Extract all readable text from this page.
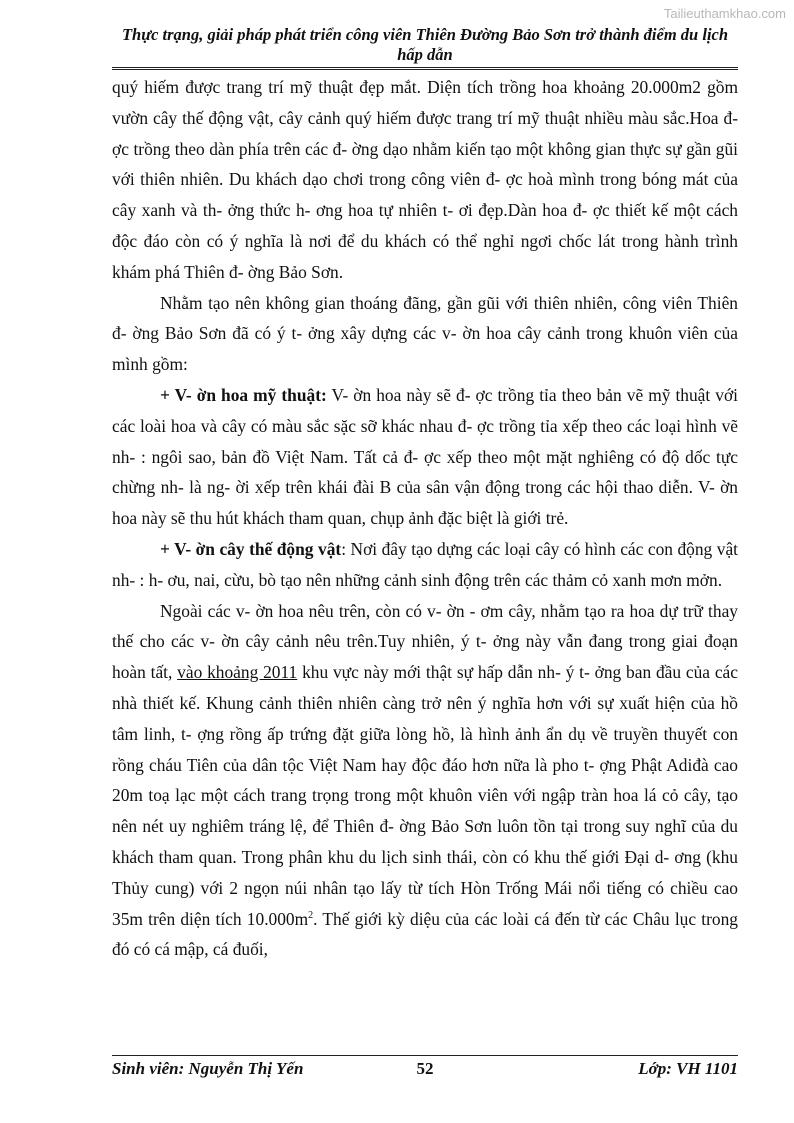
Tailieuthamkhao.com
Thực trạng, giải pháp phát triển công viên Thiên Đường Bảo Sơn trở thành điểm du lịch hấp dẫn

quý hiếm được trang trí mỹ thuật đẹp mắt. Diện tích trồng hoa khoảng 20.000m2 gồm vườn cây thế động vật, cây cảnh quý hiếm được trang trí mỹ thuật nhiều màu sắc.Hoa đ- ợc trồng theo dàn phía trên các đ- ờng dạo nhằm kiến tạo một không gian thực sự gần gũi với thiên nhiên. Du khách dạo chơi trong công viên đ- ợc hoà mình trong bóng mát của cây xanh và th- ởng thức h- ơng hoa tự nhiên t- ơi đẹp.Dàn hoa đ- ợc thiết kế một cách độc đáo còn có ý nghĩa là nơi để du khách có thể nghỉ ngơi chốc lát trong hành trình khám phá Thiên đ- ờng Bảo Sơn.

Nhằm tạo nên không gian thoáng đãng, gần gũi với thiên nhiên, công viên Thiên đ- ờng Bảo Sơn đã có ý t- ởng xây dựng các v- ờn hoa cây cảnh trong khuôn viên của mình gồm:

+ V- ờn hoa mỹ thuật: V- ờn hoa này sẽ đ- ợc trồng tỉa theo bản vẽ mỹ thuật với các loài hoa và cây có màu sắc sặc sỡ khác nhau đ- ợc trồng tỉa xếp theo các loại hình vẽ nh- : ngôi sao, bản đồ Việt Nam. Tất cả đ- ợc xếp theo một mặt nghiêng có độ dốc tực chừng nh- là ng- ời xếp trên khái đài B của sân vận động trong các hội thao diễn. V- ờn hoa này sẽ thu hút khách tham quan, chụp ảnh đặc biệt là giới trẻ.

+ V- ờn cây thế động vật: Nơi đây tạo dựng các loại cây có hình các con động vật nh- : h- ơu, nai, cừu, bò tạo nên những cảnh sinh động trên các thảm cỏ xanh mơn mởn.

Ngoài các v- ờn hoa nêu trên, còn có v- ờn - ơm cây, nhằm tạo ra hoa dự trữ thay thế cho các v- ờn cây cảnh nêu trên.Tuy nhiên, ý t- ởng này vẫn đang trong giai đoạn hoàn tất, vào khoảng 2011 khu vực này mới thật sự hấp dẫn nh- ý t- ởng ban đầu của các nhà thiết kế. Khung cảnh thiên nhiên càng trở nên ý nghĩa hơn với sự xuất hiện của hồ tâm linh, t- ợng rồng ấp trứng đặt giữa lòng hồ, là hình ảnh ẩn dụ về truyền thuyết con rồng cháu Tiên của dân tộc Việt Nam hay độc đáo hơn nữa là pho t- ợng Phật Adiđà cao 20m toạ lạc một cách trang trọng trong một khuôn viên với ngập tràn hoa lá cỏ cây, tạo nên nét uy nghiêm tráng lệ, để Thiên đ- ờng Bảo Sơn luôn tồn tại trong suy nghĩ của du khách tham quan. Trong phân khu du lịch sinh thái, còn có khu thế giới Đại d- ơng (khu Thủy cung) với 2 ngọn núi nhân tạo lấy từ tích Hòn Trống Mái nổi tiếng có chiều cao 35m trên diện tích $10.000m^2$. Thế giới kỳ diệu của các loài cá đến từ các Châu lục trong đó có cá mập, cá đuối,

52
Sinh viên: Nguyễn Thị Yến	Lớp: VH 1101
